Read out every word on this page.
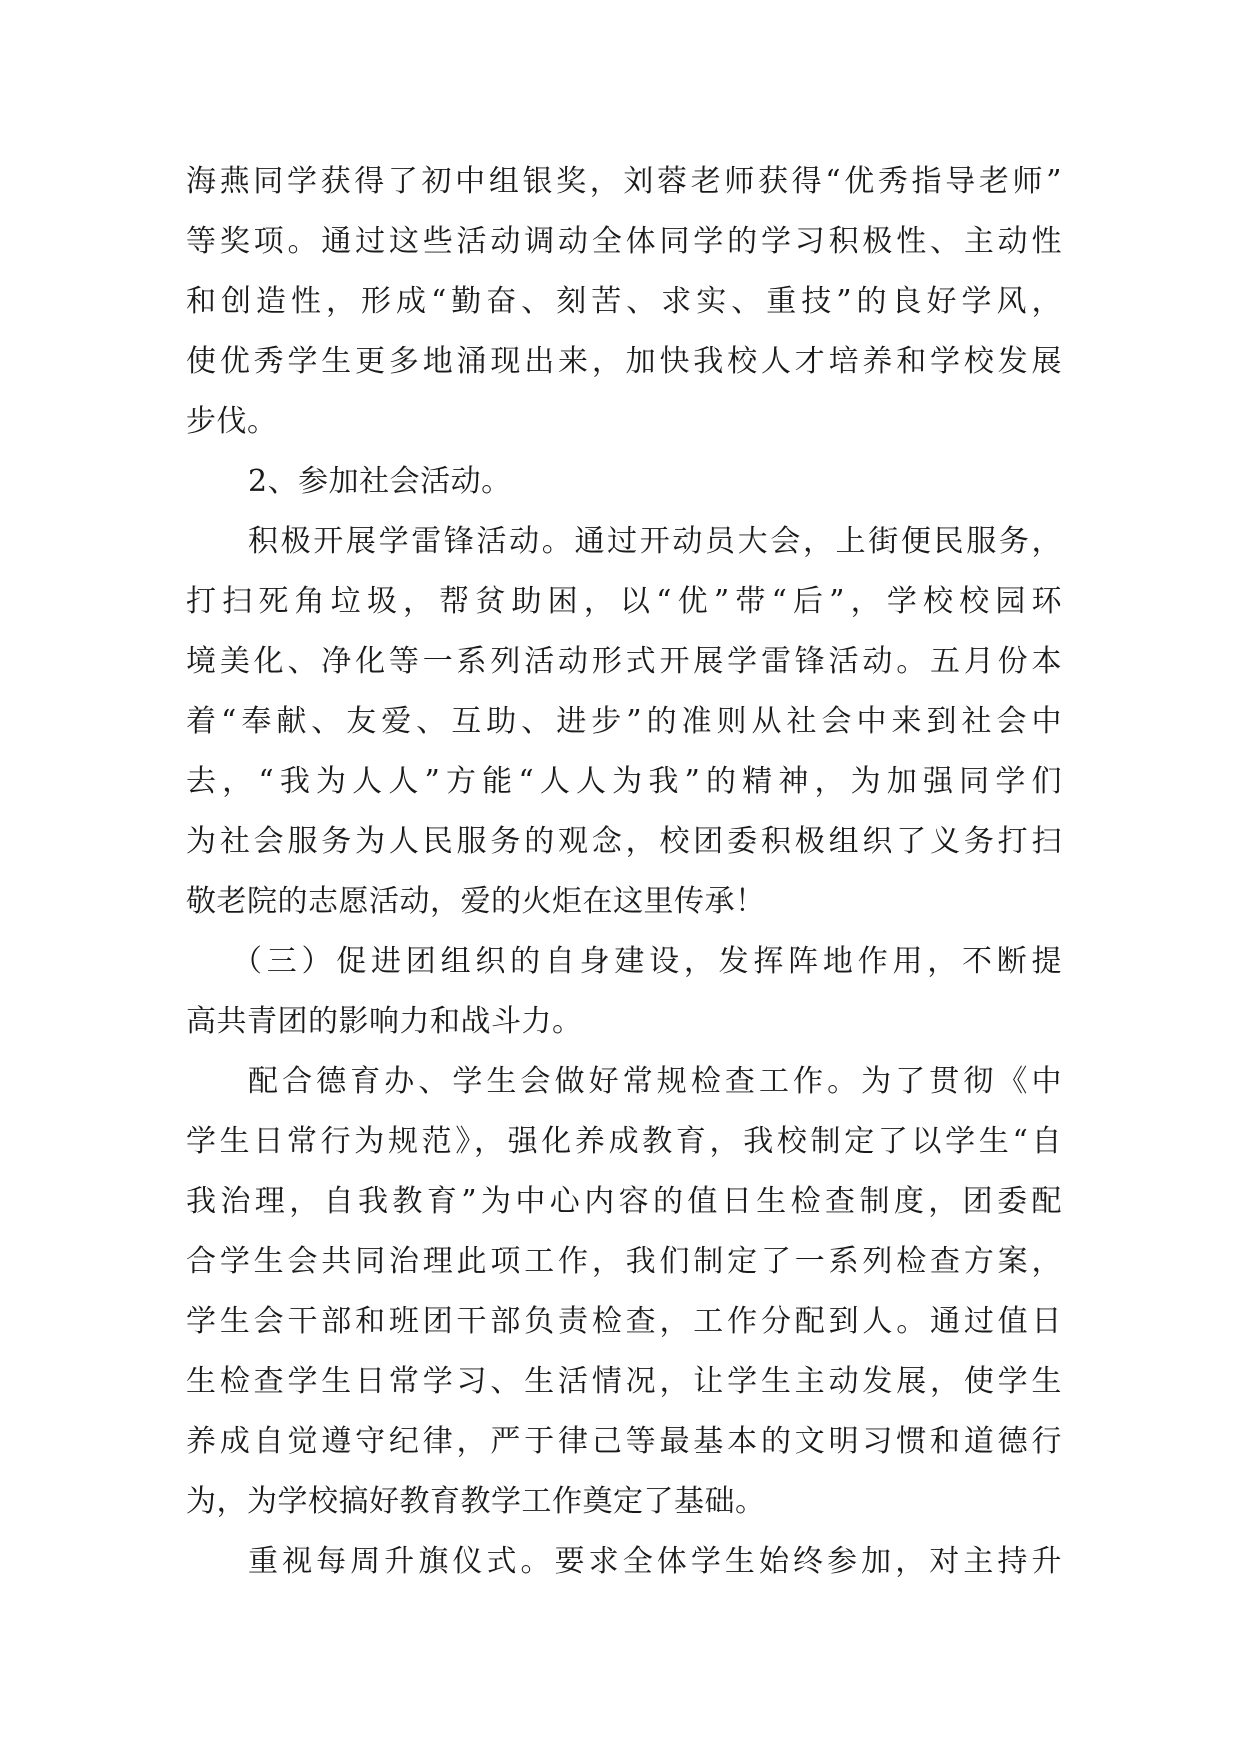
海燕同学获得了初中组银奖，刘蓉老师获得“优秀指导老师”
等奖项。通过这些活动调动全体同学的学习积极性、主动性
和创造性，形成“勤奋、刻苦、求实、重技”的良好学风，
使优秀学生更多地涌现出来，加快我校人才培养和学校发展
步伐。
2、参加社会活动。
积极开展学雷锋活动。通过开动员大会，上街便民服务，
打扫死角垃圾，帮贫助困，以“优”带“后”，学校校园环
境美化、净化等一系列活动形式开展学雷锋活动。五月份本
着“奉献、友爱、互助、进步”的准则从社会中来到社会中
去，“我为人人”方能“人人为我”的精神，为加强同学们
为社会服务为人民服务的观念，校团委积极组织了义务打扫
敬老院的志愿活动，爱的火炬在这里传承！
（三）促进团组织的自身建设，发挥阵地作用，不断提
高共青团的影响力和战斗力。
配合德育办、学生会做好常规检查工作。为了贯彻《中
学生日常行为规范》，强化养成教育，我校制定了以学生“自
我治理，自我教育”为中心内容的值日生检查制度，团委配
合学生会共同治理此项工作，我们制定了一系列检查方案，
学生会干部和班团干部负责检查，工作分配到人。通过值日
生检查学生日常学习、生活情况，让学生主动发展，使学生
养成自觉遵守纪律，严于律己等最基本的文明习惯和道德行
为，为学校搞好教育教学工作奠定了基础。
重视每周升旗仪式。要求全体学生始终参加，对主持升
